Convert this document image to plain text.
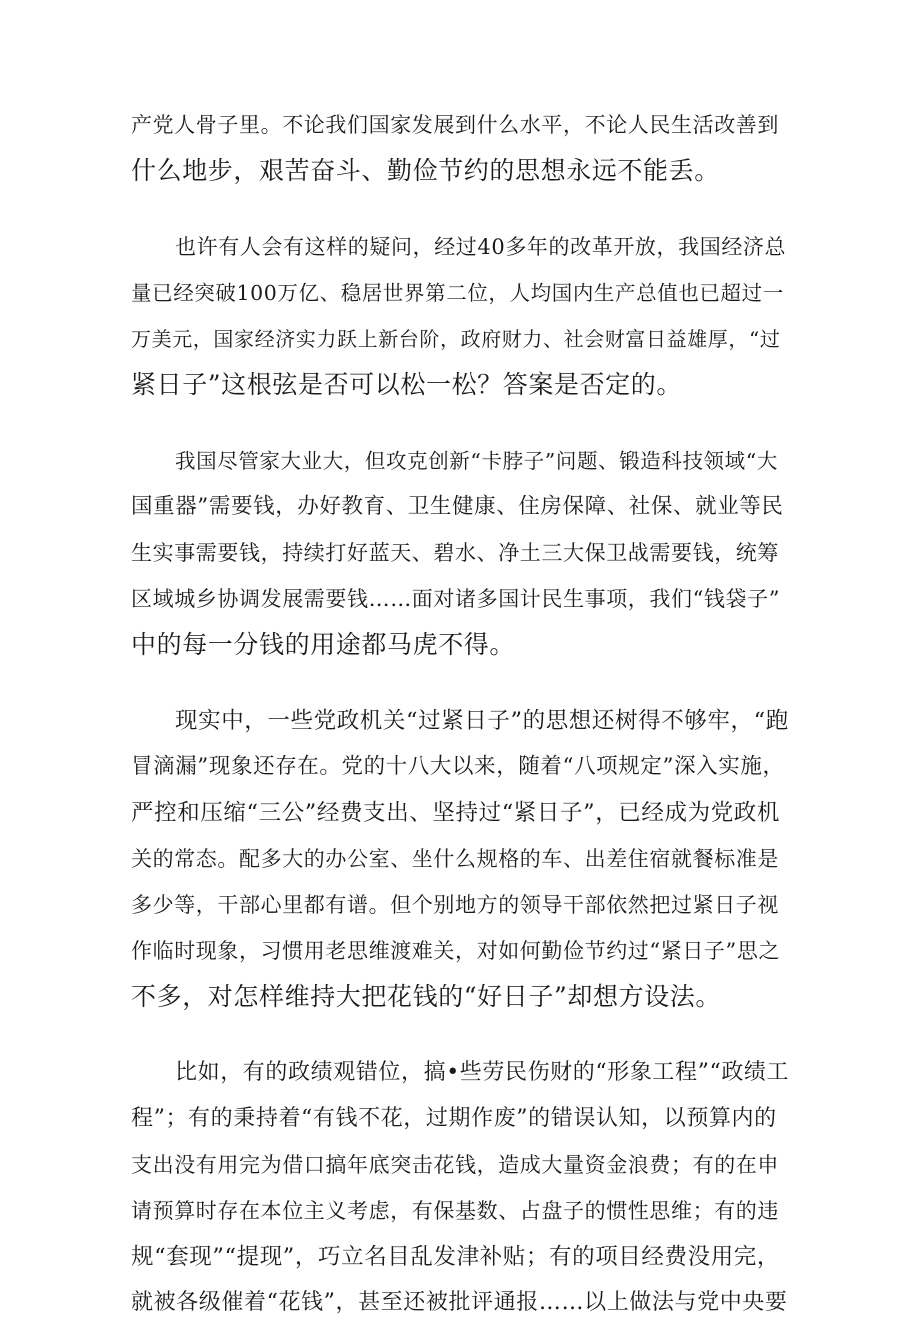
产党人骨子里。不论我们国家发展到什么水平，不论人民生活改善到
什么地步，艰苦奋斗、勤俭节约的思想永远不能丢。
也许有人会有这样的疑问，经过40多年的改革开放，我国经济总
量已经突破100万亿、稳居世界第二位，人均国内生产总值也已超过一
万美元，国家经济实力跃上新台阶，政府财力、社会财富日益雄厚，“过
紧日子”这根弦是否可以松一松？答案是否定的。
我国尽管家大业大，但攻克创新“卡脖子”问题、锻造科技领域“大
国重器”需要钱，办好教育、卫生健康、住房保障、社保、就业等民
生实事需要钱，持续打好蓝天、碧水、净土三大保卫战需要钱，统筹
区域城乡协调发展需要钱……面对诸多国计民生事项，我们“钱袋子”
中的每一分钱的用途都马虎不得。
现实中，一些党政机关“过紧日子”的思想还树得不够牢，“跑
冒滴漏”现象还存在。党的十八大以来，随着“八项规定”深入实施，
严控和压缩“三公”经费支出、坚持过“紧日子”，已经成为党政机
关的常态。配多大的办公室、坐什么规格的车、出差住宿就餐标准是
多少等，干部心里都有谱。但个别地方的领导干部依然把过紧日子视
作临时现象，习惯用老思维渡难关，对如何勤俭节约过“紧日子”思之
不多，对怎样维持大把花钱的“好日子”却想方设法。
比如，有的政绩观错位，搞•些劳民伤财的“形象工程”“政绩工
程”；有的秉持着“有钱不花，过期作废”的错误认知，以预算内的
支出没有用完为借口搞年底突击花钱，造成大量资金浪费；有的在申
请预算时存在本位主义考虑，有保基数、占盘子的惯性思维；有的违
规“套现”“提现”，巧立名目乱发津补贴；有的项目经费没用完，
就被各级催着“花钱”，甚至还被批评通报……以上做法与党中央要
